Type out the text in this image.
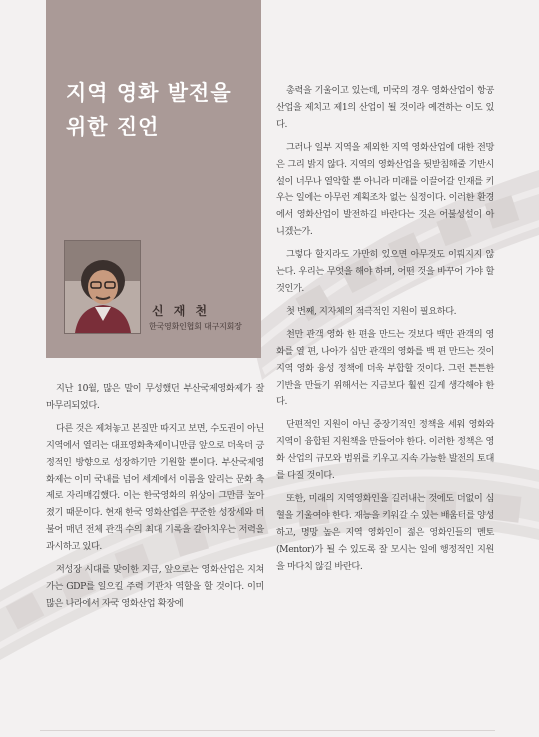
지역 영화 발전을 위한 진언
신 재 천
한국영화인협회 대구지회장

지난 10월, 많은 말이 무성했던 부산국제영화제가 잘 마무리되었다.

다른 것은 제쳐놓고 본질만 따지고 보면, 수도권이 아닌 지역에서 열리는 대표영화축제이니만큼 앞으로 더욱더 긍정적인 방향으로 성장하기만 기원할 뿐이다. 부산국제영화제는 이미 국내를 넘어 세계에서 이름을 알리는 문화 축제로 자리매김했다. 이는 한국영화의 위상이 그만큼 높아졌기 때문이다. 현재 한국 영화산업은 꾸준한 성장세와 더불어 매년 전체 관객 수의 최대 기록을 갈아치우는 저력을 과시하고 있다.

저성장 시대를 맞이한 지금, 앞으로는 영화산업은 지쳐가는 GDP를 일으킬 주력 기관차 역할을 할 것이다. 이미 많은 나라에서 자국 영화산업 확장에

총력을 기울이고 있는데, 미국의 경우 영화산업이 항공 산업을 제치고 제1의 산업이 될 것이라 예견하는 이도 있다.

그러나 일부 지역을 제외한 지역 영화산업에 대한 전망은 그리 밝지 않다. 지역의 영화산업을 뒷받침해줄 기반시설이 너무나 열악할 뿐 아니라 미래를 이끌어갈 인재를 키우는 일에는 아무런 계획조차 없는 실정이다. 이러한 환경에서 영화산업이 발전하길 바란다는 것은 어불성설이 아니겠는가.

그렇다 할지라도 가만히 있으면 아무것도 이뤄지지 않는다. 우리는 무엇을 해야 하며, 어떤 것을 바꾸어 가야 할 것인가.

첫 번째, 지자체의 적극적인 지원이 필요하다.

천만 관객 영화 한 편을 만드는 것보다 백만 관객의 영화를 열 편, 나아가 십만 관객의 영화를 백 편 만드는 것이 지역 영화 융성 정책에 더욱 부합할 것이다. 그런 튼튼한 기반을 만들기 위해서는 지금보다 훨씬 길게 생각해야 한다.

단편적인 지원이 아닌 중장기적인 정책을 세워 영화와 지역이 융합된 지원책을 만들어야 한다. 이러한 정책은 영화 산업의 규모와 범위를 키우고 지속 가능한 발전의 토대를 다질 것이다.

또한, 미래의 지역영화인을 길러내는 것에도 더없이 심혈을 기울여야 한다. 재능을 키워갈 수 있는 배움터를 양성하고, 명망 높은 지역 영화인이 젊은 영화인들의 멘토(Mentor)가 될 수 있도록 잘 모시는 일에 행정적인 지원을 마다치 않길 바란다.
